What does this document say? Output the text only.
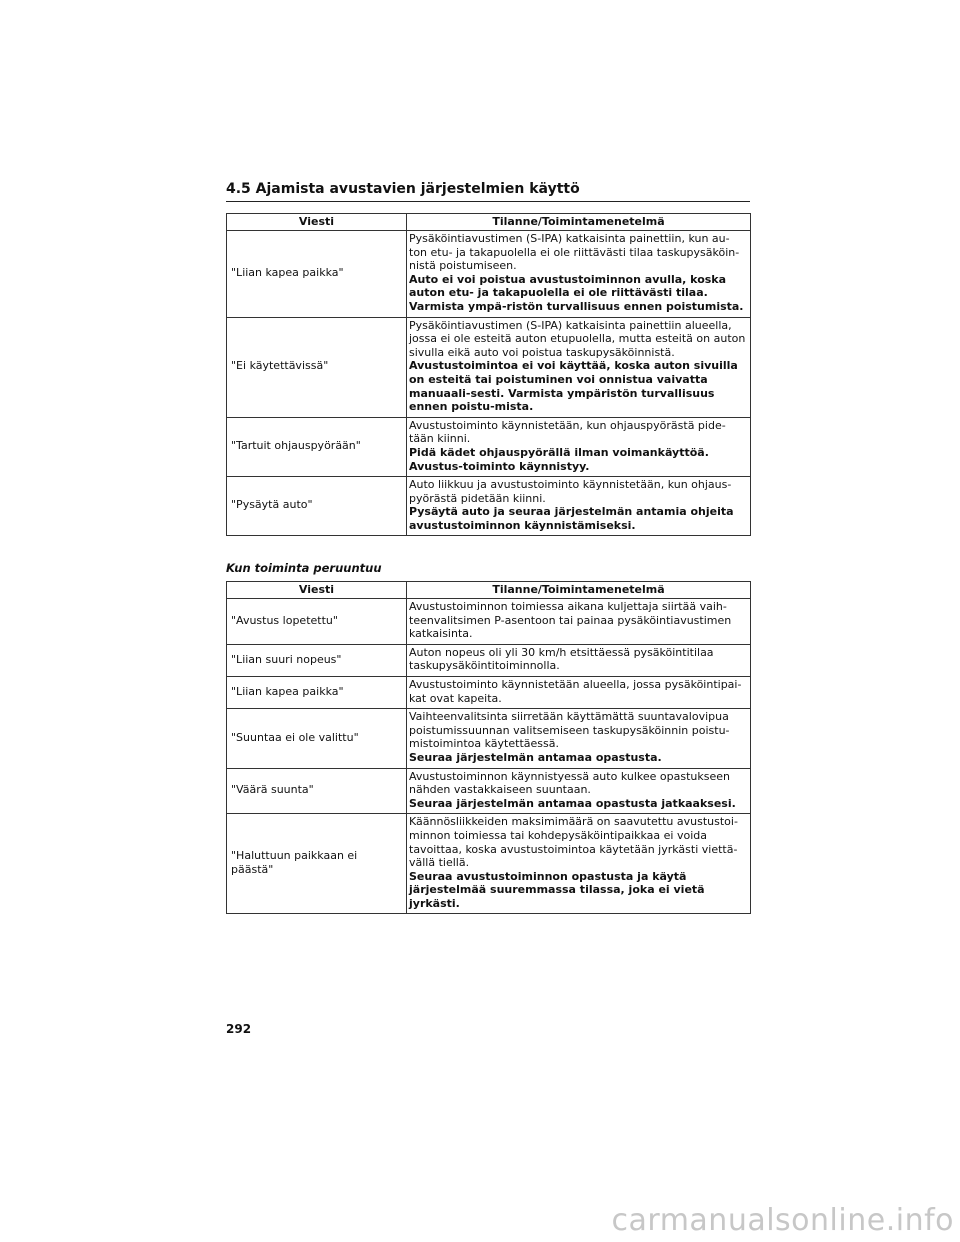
4.5 Ajamista avustavien järjestelmien käyttö
Viesti	Tilanne/Toimintamenetelmä
"Liian kapea paikka"	Pysäköintiavustimen (S-IPA) katkaisinta painettiin, kun au-ton etu- ja takapuolella ei ole riittävästi tilaa taskupysäköin-nistä poistumiseen.
Auto ei voi poistua avustustoiminnon avulla, koska auton etu- ja takapuolella ei ole riittävästi tilaa. Varmista ympä-ristön turvallisuus ennen poistumista.

"Ei käytettävissä"	Pysäköintiavustimen (S-IPA) katkaisinta painettiin alueella, jossa ei ole esteitä auton etupuolella, mutta esteitä on auton sivulla eikä auto voi poistua taskupysäköinnistä.
Avustustoimintoa ei voi käyttää, koska auton sivuilla on esteitä tai poistuminen voi onnistua vaivatta manuaali-sesti. Varmista ympäristön turvallisuus ennen poistu-mista.

"Tartuit ohjauspyörään"	Avustustoiminto käynnistetään, kun ohjauspyörästä pide-tään kiinni.
Pidä kädet ohjauspyörällä ilman voimankäyttöä. Avustus-toiminto käynnistyy.

"Pysäytä auto"	Auto liikkuu ja avustustoiminto käynnistetään, kun ohjaus-pyörästä pidetään kiinni.
Pysäytä auto ja seuraa järjestelmän antamia ohjeita avustustoiminnon käynnistämiseksi.
Kun toiminta peruuntuu
Viesti	Tilanne/Toimintamenetelmä
"Avustus lopetettu"	Avustustoiminnon toimiessa aikana kuljettaja siirtää vaih-teenvalitsimen P-asentoon tai painaa pysäköintiavustimen katkaisinta.

"Liian suuri nopeus"	Auton nopeus oli yli 30 km/h etsittäessä pysäköintitilaa taskupysäköintitoiminnolla.

"Liian kapea paikka"	Avustustoiminto käynnistetään alueella, jossa pysäköintipai-kat ovat kapeita.

"Suuntaa ei ole valittu"	Vaihteenvalitsinta siirretään käyttämättä suuntavalovipua poistumissuunnan valitsemiseen taskupysäköinnin poistu-mistoimintoa käytettäessä.
Seuraa järjestelmän antamaa opastusta.

"Väärä suunta"	Avustustoiminnon käynnistyessä auto kulkee opastukseen nähden vastakkaiseen suuntaan.
Seuraa järjestelmän antamaa opastusta jatkaaksesi.

"Haluttuun paikkaan ei päästä"	Käännösliikkeiden maksimimäärä on saavutettu avustustoi-minnon toimiessa tai kohdepysäköintipaikkaa ei voida tavoittaa, koska avustustoimintoa käytetään jyrkästi viettä-vällä tiellä.
Seuraa avustustoiminnon opastusta ja käytä järjestelmää suuremmassa tilassa, joka ei vietä jyrkästi.
292
carmanualsonline.info
